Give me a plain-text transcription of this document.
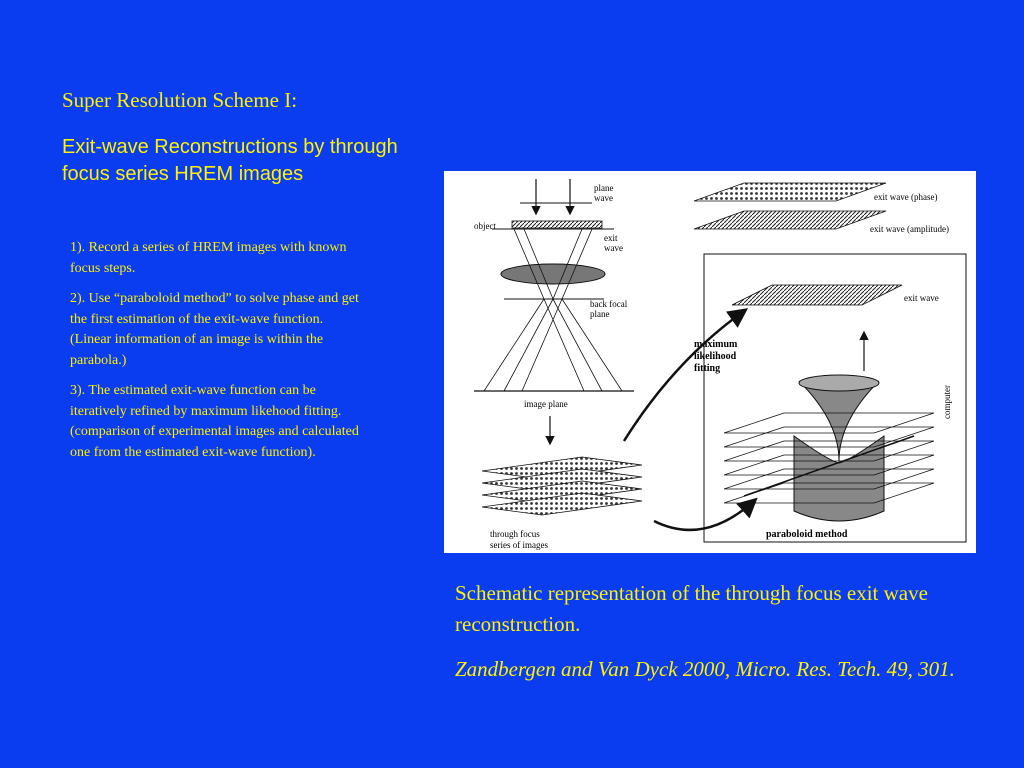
Super Resolution Scheme I:
Exit-wave Reconstructions by through focus series HREM images
1). Record a series of HREM images with known focus steps.
2). Use “paraboloid method” to solve phase and get the first estimation of the exit-wave function. (Linear information of an image is within the parabola.)
3). The estimated exit-wave function can be iteratively refined by maximum likehood fitting. (comparison of experimental images and calculated one from the estimated exit-wave function).
plane
wave
object
exit
wave
back focal
plane
image plane
through focus
series of images
exit wave (phase)
exit wave (amplitude)
computer
exit wave
maximum
likelihood
fitting
paraboloid method
Schematic representation of the through focus exit wave reconstruction.
Zandbergen and Van Dyck 2000, Micro. Res. Tech. 49, 301.
